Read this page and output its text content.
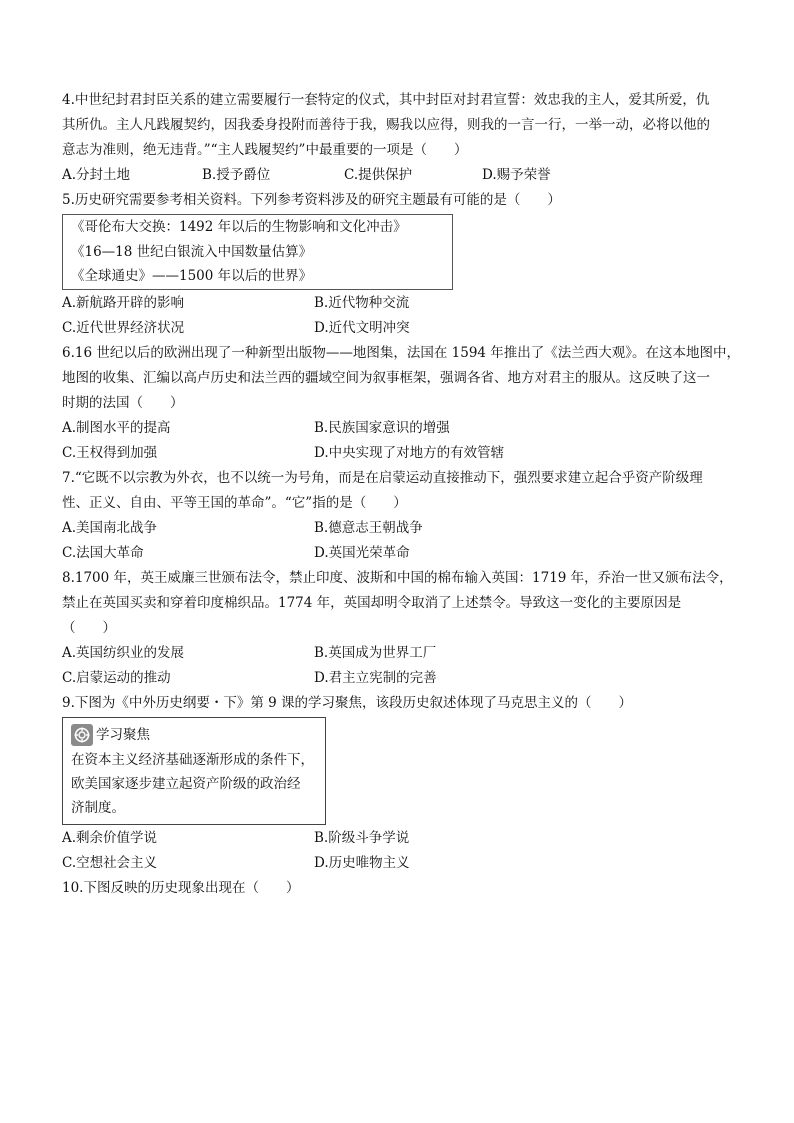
4.中世纪封君封臣关系的建立需要履行一套特定的仪式，其中封臣对封君宣誓：效忠我的主人，爱其所爱，仇
其所仇。主人凡践履契约，因我委身投附而善待于我，赐我以应得，则我的一言一行，一举一动，必将以他的
意志为准则，绝无违背。”“主人践履契约”中最重要的一项是（　　）
A.分封土地	B.授予爵位	C.提供保护	D.赐予荣誉
5.历史研究需要参考相关资料。下列参考资料涉及的研究主题最有可能的是（　　）
《哥伦布大交换：1492 年以后的生物影响和文化冲击》
《16—18 世纪白银流入中国数量估算》
《全球通史》——1500 年以后的世界》
A.新航路开辟的影响	B.近代物种交流
C.近代世界经济状况	D.近代文明冲突
6.16 世纪以后的欧洲出现了一种新型出版物——地图集，法国在 1594 年推出了《法兰西大观》。在这本地图中，
地图的收集、汇编以高卢历史和法兰西的疆域空间为叙事框架，强调各省、地方对君主的服从。这反映了这一
时期的法国（　　）
A.制图水平的提高	B.民族国家意识的增强
C.王权得到加强	D.中央实现了对地方的有效管辖
7.“它既不以宗教为外衣，也不以统一为号角，而是在启蒙运动直接推动下，强烈要求建立起合乎资产阶级理
性、正义、自由、平等王国的革命”。“它”指的是（　　）
A.美国南北战争	B.德意志王朝战争
C.法国大革命	D.英国光荣革命
8.1700 年，英王威廉三世颁布法令，禁止印度、波斯和中国的棉布输入英国：1719 年，乔治一世又颁布法令，
禁止在英国买卖和穿着印度棉织品。1774 年，英国却明令取消了上述禁令。导致这一变化的主要原因是
（　　）
A.英国纺织业的发展	B.英国成为世界工厂
C.启蒙运动的推动	D.君主立宪制的完善
9.下图为《中外历史纲要・下》第 9 课的学习聚焦，该段历史叙述体现了马克思主义的（　　）
学习聚焦
在资本主义经济基础逐渐形成的条件下，
欧美国家逐步建立起资产阶级的政治经
济制度。
A.剩余价值学说	B.阶级斗争学说
C.空想社会主义	D.历史唯物主义
10.下图反映的历史现象出现在（　　）
